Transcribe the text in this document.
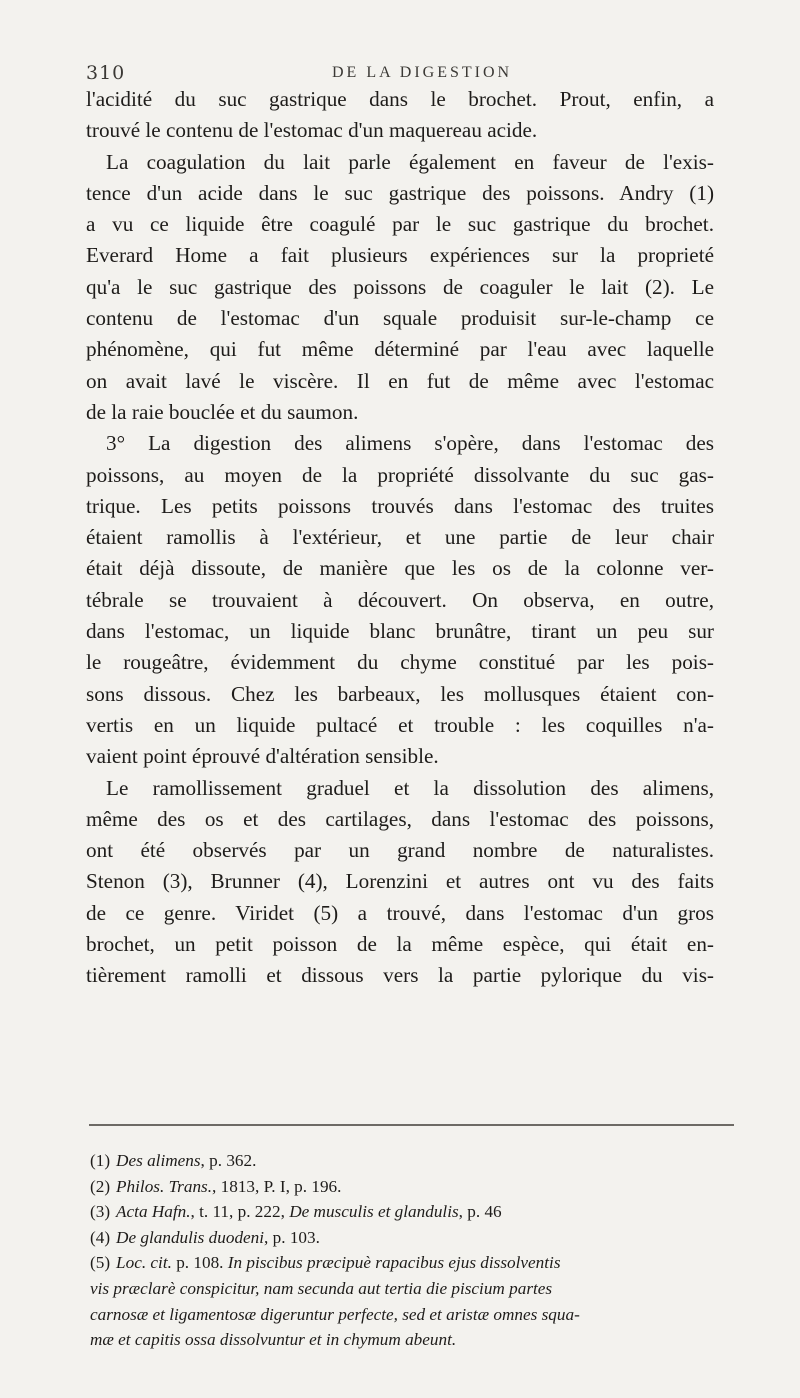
310	DE LA DIGESTION
l'acidité du suc gastrique dans le brochet. Prout, enfin, a
trouvé le contenu de l'estomac d'un maquereau acide.
La coagulation du lait parle également en faveur de l'exis-
tence d'un acide dans le suc gastrique des poissons. Andry (1)
a vu ce liquide être coagulé par le suc gastrique du brochet.
Everard Home a fait plusieurs expériences sur la proprieté
qu'a le suc gastrique des poissons de coaguler le lait (2). Le
contenu de l'estomac d'un squale produisit sur-le-champ ce
phénomène, qui fut même déterminé par l'eau avec laquelle
on avait lavé le viscère. Il en fut de même avec l'estomac
de la raie bouclée et du saumon.
3° La digestion des alimens s'opère, dans l'estomac des
poissons, au moyen de la propriété dissolvante du suc gas-
trique. Les petits poissons trouvés dans l'estomac des truites
étaient ramollis à l'extérieur, et une partie de leur chair
était déjà dissoute, de manière que les os de la colonne ver-
tébrale se trouvaient à découvert. On observa, en outre,
dans l'estomac, un liquide blanc brunâtre, tirant un peu sur
le rougeâtre, évidemment du chyme constitué par les pois-
sons dissous. Chez les barbeaux, les mollusques étaient con-
vertis en un liquide pultacé et trouble : les coquilles n'a-
vaient point éprouvé d'altération sensible.
Le ramollissement graduel et la dissolution des alimens,
même des os et des cartilages, dans l'estomac des poissons,
ont été observés par un grand nombre de naturalistes.
Stenon (3), Brunner (4), Lorenzini et autres ont vu des faits
de ce genre. Viridet (5) a trouvé, dans l'estomac d'un gros
brochet, un petit poisson de la même espèce, qui était en-
tièrement ramolli et dissous vers la partie pylorique du vis-
(1) Des alimens, p. 362.
(2) Philos. Trans., 1813, P. I, p. 196.
(3) Acta Hafn., t. 11, p. 222, De musculis et glandulis, p. 46
(4) De glandulis duodeni, p. 103.
(5) Loc. cit. p. 108. In piscibus præcipuè rapacibus ejus dissolventis
vis præclarè conspicitur, nam secunda aut tertia die piscium partes
carnosæ et ligamentosæ digeruntur perfecte, sed et aristæ omnes squa-
mæ et capitis ossa dissolvuntur et in chymum abeunt.
